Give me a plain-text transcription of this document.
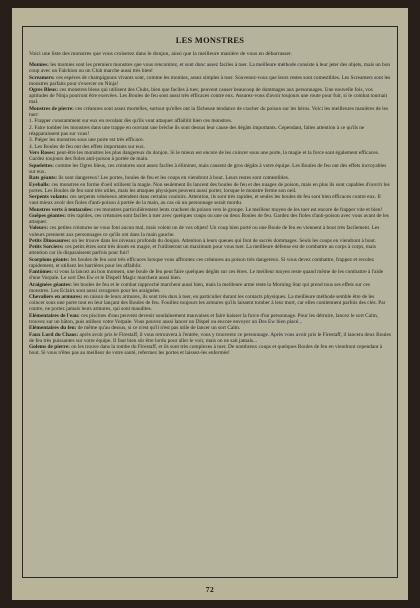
LES MONSTRES
Voici une liste des monstres que vous croiserez dans le donjon, ainsi que la meilleure manière de vous en débarrasser.
Momies: les momies sont les premiers monstres que vous rencontrez, et sont donc assez faciles à tuer. La meilleure méthode consiste à leur jeter des objets, mais un bon coup avec un Falchion ou un Club marche aussi très bien!
Screamers: ces espèces de champignons vivants sont, comme les momies, assez simples à tuer. Souvenez-vous que leurs restes sont comestibles. Les Screamers sont les monstres parfaits pour s'exercer en Ninja!
Ogres Bleus: ces monstres bleus qui utilisent des Clubs, bien que faciles à tuer, peuvent causer beaucoup de dommages aux personnages. Une nouvelle fois, vos aptitudes de Ninja pourront être exercées. Les Boules de feu sont aussi très efficaces contre eux. Assurez-vous d'avoir toujours une route pour fuir, si le combat tournait mal.
Monstres de pierre: ces créatures sont assez mortelles, surtout qu'elles ont la fâcheuse tendance de cracher du poison sur les héros. Voici les meilleures manières de les tuer:
1. Frapper constamment sur eux en reculant dès qu'ils vont attaquer affaiblit bien ces monstres.
2. Faire tomber les monstres dans une trappe en ouvrant une brèche ils sont dessus leur cause des dégâts importants. Cependant, faites attention à ce qu'ils ne réapparaissent pas sur vous!
3. Piéger les monstres sous une porte est très efficace.
4. Les Boules de feu ont des effets importants sur eux.
Vers Roses: peut-être les monstres les plus dangereux du donjon. Si le mieux est encore de les coincer sous une porte, la magie et la force sont également efficaces. Gardez toujours des fioles anti-poison à portée de main.
Squelettes: comme les Ogres bleus, ces créatures sont assez faciles à éliminer, mais causent de gros dégâts à votre équipe. Les Boules de feu ont des effets incroyables sur eux.
Rats géants: ils sont dangereux! Les portes, boules de feu et les coups en viendront à bout. Leurs restes sont comestibles.
Eyeballs: ces monstres en forme d'oeil utilisent la magie. Non seulement ils lancent des boules de feu et des nuages de poison, mais en plus ils sont capables d'ouvrir les portes. Les Boules de feu sont très utiles, mais les attaques physiques peuvent aussi porter, lorsque le monstre ferme son oeil.
Serpents volants: ces serpents vénéneux attendent dans certains couloirs. Attention, ils sont très rapides, et seules les boules de feu sont bien efficaces contre eux. Il vaut mieux avoir des fioles d'anti-poison à portée de la main, au cas où un personnage serait mordu.
Monstres verts à tentacules: ces monstres particulièrement lents crachent du poison vers le groupe. Le meilleur moyen de les tuer est encore de frapper vite et bien!
Guêpes géantes: très rapides, ces créatures sont faciles à tuer avec quelques coups ou une ou deux Boules de feu. Gardez des fioles d'anti-poison avec vous avant de les attaquer.
Voleurs: ces petites créatures ne vous font aucun mal, mais volent un de vos objets! Un coup bien porté ou une Boule de feu en viennent à bout très facilement. Les voleurs prennent aux personnages ce qu'ils ont dans la main gauche.
Petits Dinosaures: on les trouve dans les niveaux profonds du donjon. Attention à leurs queues qui font de sacrés dommages. Seuls les coups en viendront à bout.
Petits Sorciers: ces petits êtres sont très doués en magie, et l'utiliseront un maximum pour vous tuer. La meilleure défense est de combattre au corps à corps, mais attention car ils disparaissent parfois pour fuir!
Scorpions géants: les boules de feu sont très efficaces lorsque vous affrontez ces créatures au poison très dangereux. Si vous devez combattre, frappez et reculez rapidement, et utilisez les barrières pour les affaiblir.
Fantômes: si vous la lancez au bon moment, une boule de feu peut faire quelques dégâts sur ces êtres. Le meilleur moyen reste quand même de les combattre à l'aide d'une Vorpale. Le sort Des Ew et le Dispell Magic marchent aussi bien.
Araignées géantes: les boules de feu et le combat rapproché marchent aussi bien, mais la meilleure arme reste la Morning Star qui prend tous ses effets sur ces monstres. Les Eclairs sont aussi ravageurs pour les araignées.
Chevaliers en armures: en raison de leurs armures, ils sont très durs à tuer, en particulier durant les contacts physiques. La meilleure méthode semble être de les coincer sous une porte tout en leur lançant des Boules de feu. Fouillez toujours les armures qu'ils laissent tomber à leur mort, car elles contiennent parfois des clés. Par contre, ne portez jamais leurs armures, qui sont maudites.
Elémentaires de l'eau: ces piscines d'eau peuvent devenir soudainement mauvaises et faire baisser la force d'un personnage. Pour les détruire, lancez le sort Calm, trouvez sur un bâton, puis utilisez votre Vorpale. Vous pouvez aussi lancer un Dispel ou encore envoyer un Des Ew bien placé...
Elémentaires du feu: de même qu'au dessus, si ce n'est qu'il n'est pas utile de lancer un sort Calm.
Faux Lord du Chaos: après avoir pris le Firestaff, il vous retrouvera à l'entrée, vous y trouverez ce personnage. Après vous avoir pris le Firestaff, il lancera deux Boules de feu très puissantes sur votre équipe. Il faut bien sûr être lordo pour aller le voir, mais on ne sait jamais...
Golems de pierre: on les trouve dans la tombe du Firestaff, et ils sont très complexes à tuer. De nombreux coups et quelques Boules de feu en viendront cependant à bout. Si vous n'êtes pas au meilleur de votre santé, refermez les portes et laissez-les enfermés!
72
